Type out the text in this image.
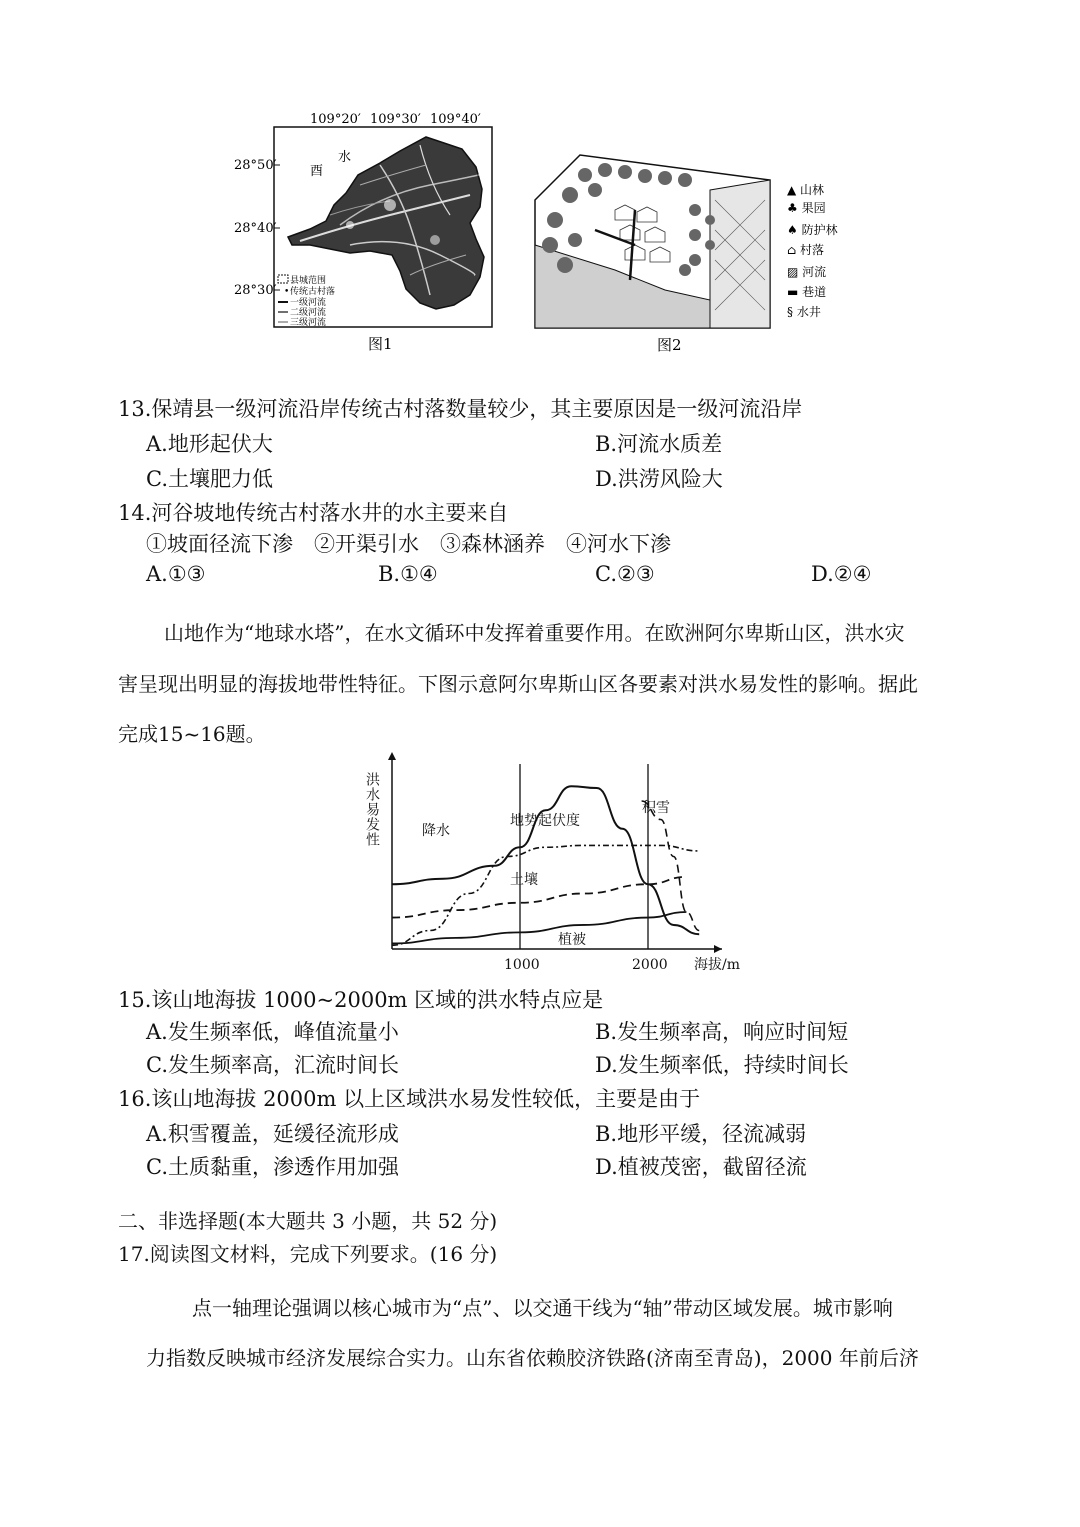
109°20′ 109°30′ 109°40′
28°50′
28°40′
28°30′
酉
水
县城范围
• 传统古村落
一级河流
二级河流
三级河流
图1
▲ 山林
♣ 果园
♠ 防护林
⌂ 村落
▨ 河流
▬ 巷道
§ 水井
图2
13.保靖县一级河流沿岸传统古村落数量较少，其主要原因是一级河流沿岸
A.地形起伏大	B.河流水质差
C.土壤肥力低	D.洪涝风险大
14.河谷坡地传统古村落水井的水主要来自
①坡面径流下渗　②开渠引水　③森林涵养　④河水下渗
A.①③	B.①④	C.②③	D.②④
山地作为“地球水塔”，在水文循环中发挥着重要作用。在欧洲阿尔卑斯山区，洪水灾
害呈现出明显的海拔地带性特征。下图示意阿尔卑斯山区各要素对洪水易发性的影响。据此
完成15~16题。
洪水易发性
海拔/m
1000	2000
降水
地势起伏度
积雪
土壤
植被
15.该山地海拔 1000~2000m 区域的洪水特点应是
A.发生频率低，峰值流量小	B.发生频率高，响应时间短
C.发生频率高，汇流时间长	D.发生频率低，持续时间长
16.该山地海拔 2000m 以上区域洪水易发性较低，主要是由于
A.积雪覆盖，延缓径流形成	B.地形平缓，径流减弱
C.土质黏重，渗透作用加强	D.植被茂密，截留径流
二、非选择题(本大题共 3 小题，共 52 分)
17.阅读图文材料，完成下列要求。(16 分)
点一轴理论强调以核心城市为“点”、以交通干线为“轴”带动区域发展。城市影响
力指数反映城市经济发展综合实力。山东省依赖胶济铁路(济南至青岛)，2000 年前后济
